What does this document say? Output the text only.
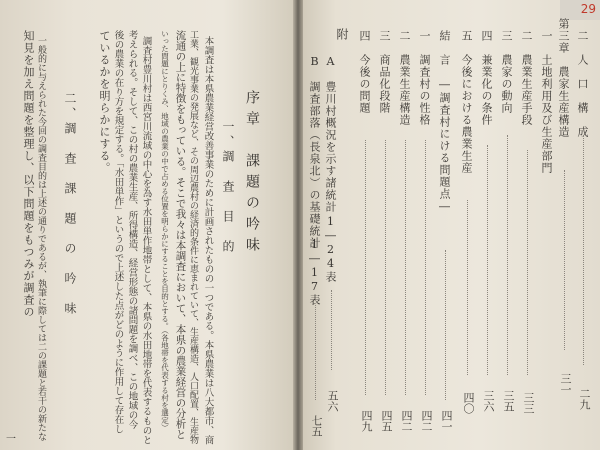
29
二　人　口　構　成
二九
第三章　農家生産構造
三一
一　土地利用及び生産部門
二　農業生産手段
三三
三　農家の動向
三五
四　兼業化の条件
三六
五　今後における農業生産
四〇
結　言　―調査村にける問題点―
四一
一　調査村の性格
四二
二　農業生産構造
四二
三　商品化段階
四五
四　今後の問題
四九
附
A　豊川村概況を示す諸統計
1―24表
五六
B　調査部落（長泉北）の基礎統計
1―17表
七五
序章　課題の吟味
一、調　査　目　的
本調査は本県農業経営改善事業のために計画されたものの一つである。本県農業は八大都市、商
工業、観光事業の発展など、その周辺農村の経済的条件に恵まれていて、生産構造、人口配置、生産物
流通の上に特徴をもっている。そこで我々は本調査において、本県の農業経営の分析と
いった問題にとりくみ、地域の農業の中で占める位置を明らかにすることを目的とする。（各地帯を代表する村を選定）
調査村豊川村は西宮川流域の中心を為す水田単作地帯として、本県の水田地帯を代表するものと
考えられる。そして、この村の農業生産、所得構造、経営形態の諸問題を調べ、この地域の今
後の農業の在り方を規定する。「水田単作」というので上述した点がどのように作用して存在し
ているかを明らかにする。
二、調　査　課　題　の　吟　味
一般的に与えられた今回の調査目的は上述の通りであるが、執筆に際しては二の課題と若干の新たな
知見を加え問題を整理し、以下問題をもつみが調査の
一
